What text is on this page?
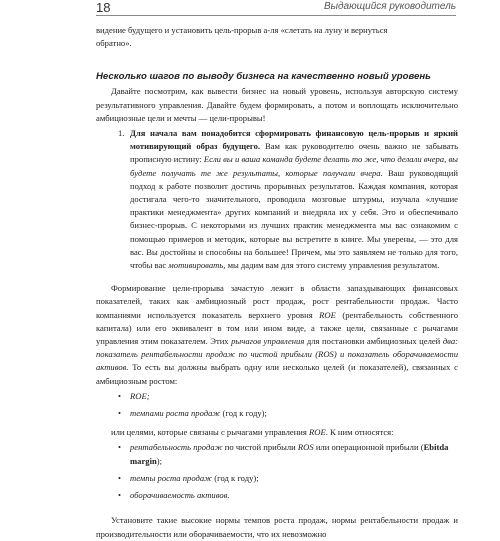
18	Выдающийся руководитель

видение будущего и установить цель-прорыв а-ля «слетать на луну и вернуться
обратно».

Несколько шагов по выводу бизнеса на качественно новый уровень

Давайте посмотрим, как вывести бизнес на новый уровень, используя авторскую систему результативного управления. Давайте будем формировать, а потом и воплощать исключительно амбициозные цели и мечты — цели-прорывы!

1. Для начала вам понадобится сформировать финансовую цель-прорыв и яркий мотивирующий образ будущего. Вам как руководителю очень важно не забывать прописную истину: Если вы и ваша команда будете делать то же, что делали вчера, вы будете получать те же результаты, которые получали вчера. Ваш руководящий подход к работе позволит достичь прорывных результатов. Каждая компания, которая достигала чего-то значительного, проводила мозговые штурмы, изучала «лучшие практики менеджмента» других компаний и внедряла их у себя. Это и обеспечивало бизнес-прорыв. С некоторыми из лучших практик менеджмента мы вас ознакомим с помощью примеров и методик, которые вы встретите в книге. Мы уверены, — это для вас. Вы достойны и способны на большее! Причем, мы это заявляем не только для того, чтобы вас мотивировать, мы дадим вам для этого систему управления результатом.

Формирование цели-прорыва зачастую лежит в области запаздывающих финансовых показателей, таких как амбициозный рост продаж, рост рентабельности продаж. Часто компаниями используется показатель верхнего уровня ROE (рентабельность собственного капитала) или его эквивалент в том или ином виде, а также цели, связанные с рычагами управления этим показателем. Этих рычагов управления для постановки амбициозных целей два: показатель рентабельности продаж по чистой прибыли (ROS) и показатель оборачиваемости активов. То есть вы должны выбрать одну или несколько целей (и показателей), связанных с амбициозным ростом:

• ROE;
• темпами роста продаж (год к году);

или целями, которые связаны с рычагами управления ROE. К ним относятся:

• рентабельность продаж по чистой прибыли ROS или операционной прибыли (Ebitda margin);
• темпы роста продаж (год к году);
• оборачиваемость активов.

Установите такие высокие нормы темпов роста продаж, нормы рентабельности продаж и производительности или оборачиваемости, что их невозможно
